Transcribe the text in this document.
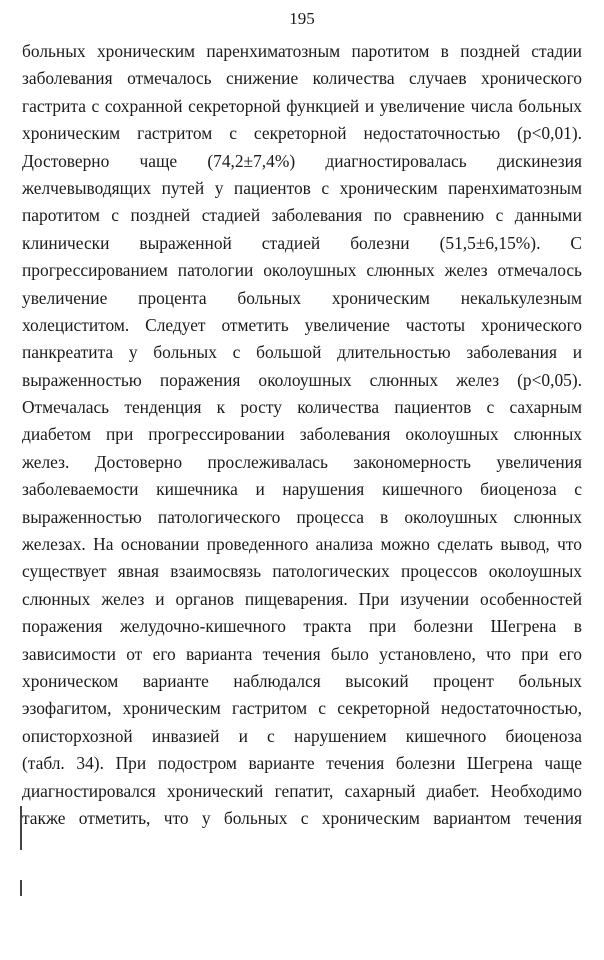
195
больных хроническим паренхиматозным паротитом в поздней стадии
заболевания отмечалось снижение количества случаев хронического
гастрита с сохранной секреторной функцией и увеличение числа больных
хроническим гастритом с секреторной недостаточностью (p<0,01).
Достоверно чаще (74,2±7,4%) диагностировалась дискинезия
желчевыводящих путей у пациентов с хроническим паренхиматозным
паротитом с поздней стадией заболевания по сравнению с данными
клинически выраженной стадией болезни (51,5±6,15%). С
прогрессированием патологии околоушных слюнных желез отмечалось
увеличение процента больных хроническим некалькулезным
холециститом. Следует отметить увеличение частоты хронического
панкреатита у больных с большой длительностью заболевания и
выраженностью поражения околоушных слюнных желез (p<0,05).
Отмечалась тенденция к росту количества пациентов с сахарным
диабетом при прогрессировании заболевания околоушных слюнных
желез. Достоверно прослеживалась закономерность увеличения
заболеваемости кишечника и нарушения кишечного биоценоза с
выраженностью патологического процесса в околоушных слюнных
железах. На основании проведенного анализа можно сделать вывод, что
существует явная взаимосвязь патологических процессов околоушных
слюнных желез и органов пищеварения. При изучении особенностей
поражения желудочно-кишечного тракта при болезни Шегрена в
зависимости от его варианта течения было установлено, что при его
хроническом варианте наблюдался высокий процент больных
эзофагитом, хроническим гастритом с секреторной недостаточностью,
описторхозной инвазией и с нарушением кишечного биоценоза
(табл. 34). При подостром варианте течения болезни Шегрена чаще
диагностировался хронический гепатит, сахарный диабет. Необходимо
также отметить, что у больных с хроническим вариантом течения
